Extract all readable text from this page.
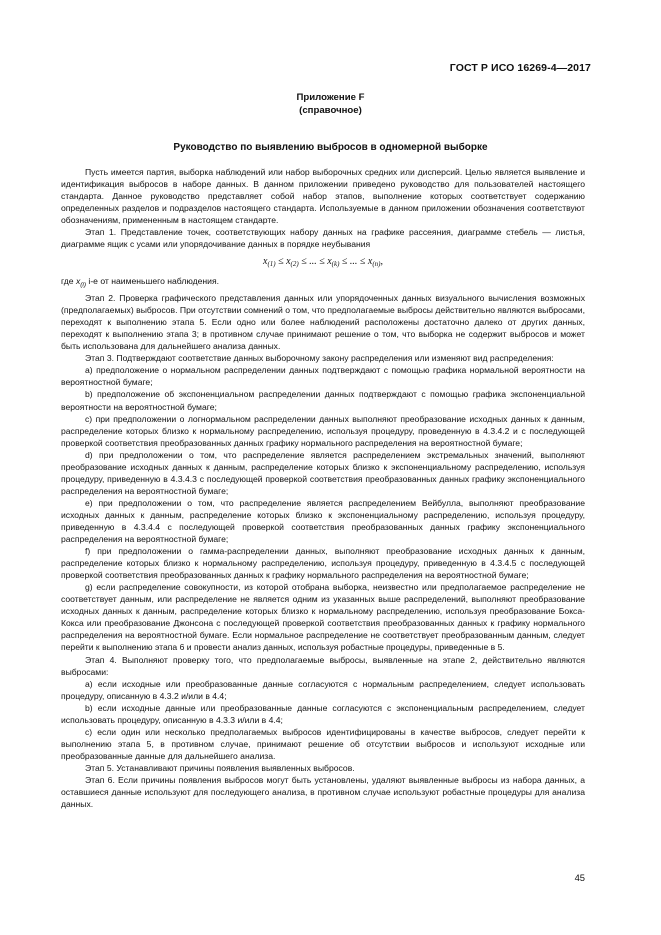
ГОСТ Р ИСО 16269-4—2017
Приложение F
(справочное)
Руководство по выявлению выбросов в одномерной выборке

Пусть имеется партия, выборка наблюдений или набор выборочных средних или дисперсий. Целью является выявление и идентификация выбросов в наборе данных. В данном приложении приведено руководство для пользователей настоящего стандарта. Данное руководство представляет собой набор этапов, выполнение которых соответствует содержанию определенных разделов и подразделов настоящего стандарта. Используемые в данном приложении обозначения соответствуют обозначениям, примененным в настоящем стандарте.

Этап 1. Представление точек, соответствующих набору данных на графике рассеяния, диаграмме стебель — листья, диаграмме ящик с усами или упорядочивание данных в порядке неубывания

$x_{(1)} \le x_{(2)}$ ≤ ... ≤ $x_{(k)}$ ≤ ... ≤ $x_{(n)}$,

где $x_{(i)}$ i-е от наименьшего наблюдения.

Этап 2. Проверка графического представления данных или упорядоченных данных визуального вычисления возможных (предполагаемых) выбросов. При отсутствии сомнений о том, что предполагаемые выбросы действительно являются выбросами, переходят к выполнению этапа 5. Если одно или более наблюдений расположены достаточно далеко от других данных, переходят к выполнению этапа 3; в противном случае принимают решение о том, что выборка не содержит выбросов и может быть использована для дальнейшего анализа данных.

Этап 3. Подтверждают соответствие данных выборочному закону распределения или изменяют вид распределения:

a) предположение о нормальном распределении данных подтверждают с помощью графика нормальной вероятности на вероятностной бумаге;

b) предположение об экспоненциальном распределении данных подтверждают с помощью графика экспоненциальной вероятности на вероятностной бумаге;

c) при предположении о логнормальном распределении данных выполняют преобразование исходных данных к данным, распределение которых близко к нормальному распределению, используя процедуру, проведенную в 4.3.4.2 и с последующей проверкой соответствия преобразованных данных графику нормального распределения на вероятностной бумаге;

d) при предположении о том, что распределение является распределением экстремальных значений, выполняют преобразование исходных данных к данным, распределение которых близко к экспоненциальному распределению, используя процедуру, приведенную в 4.3.4.3 с последующей проверкой соответствия преобразованных данных графику экспоненциального распределения на вероятностной бумаге;

e) при предположении о том, что распределение является распределением Вейбулла, выполняют преобразование исходных данных к данным, распределение которых близко к экспоненциальному распределению, используя процедуру, приведенную в 4.3.4.4 с последующей проверкой соответствия преобразованных данных графику экспоненциального распределения на вероятностной бумаге;

f) при предположении о гамма-распределении данных, выполняют преобразование исходных данных к данным, распределение которых близко к нормальному распределению, используя процедуру, приведенную в 4.3.4.5 с последующей проверкой соответствия преобразованных данных к графику нормального распределения на вероятностной бумаге;

g) если распределение совокупности, из которой отобрана выборка, неизвестно или предполагаемое распределение не соответствует данным, или распределение не является одним из указанных выше распределений, выполняют преобразование исходных данных к данным, распределение которых близко к нормальному распределению, используя преобразование Бокса-Кокса или преобразование Джонсона с последующей проверкой соответствия преобразованных данных к графику нормального распределения на вероятностной бумаге. Если нормальное распределение не соответствует преобразованным данным, следует перейти к выполнению этапа 6 и провести анализ данных, используя робастные процедуры, приведенные в 5.

Этап 4. Выполняют проверку того, что предполагаемые выбросы, выявленные на этапе 2, действительно являются выбросами:

a) если исходные или преобразованные данные согласуются с нормальным распределением, следует использовать процедуру, описанную в 4.3.2 и/или в 4.4;

b) если исходные данные или преобразованные данные согласуются с экспоненциальным распределением, следует использовать процедуру, описанную в 4.3.3 и/или в 4.4;

c) если один или несколько предполагаемых выбросов идентифицированы в качестве выбросов, следует перейти к выполнению этапа 5, в противном случае, принимают решение об отсутствии выбросов и используют исходные или преобразованные данные для дальнейшего анализа.

Этап 5. Устанавливают причины появления выявленных выбросов.

Этап 6. Если причины появления выбросов могут быть установлены, удаляют выявленные выбросы из набора данных, а оставшиеся данные используют для последующего анализа, в противном случае используют робастные процедуры для анализа данных.

45
